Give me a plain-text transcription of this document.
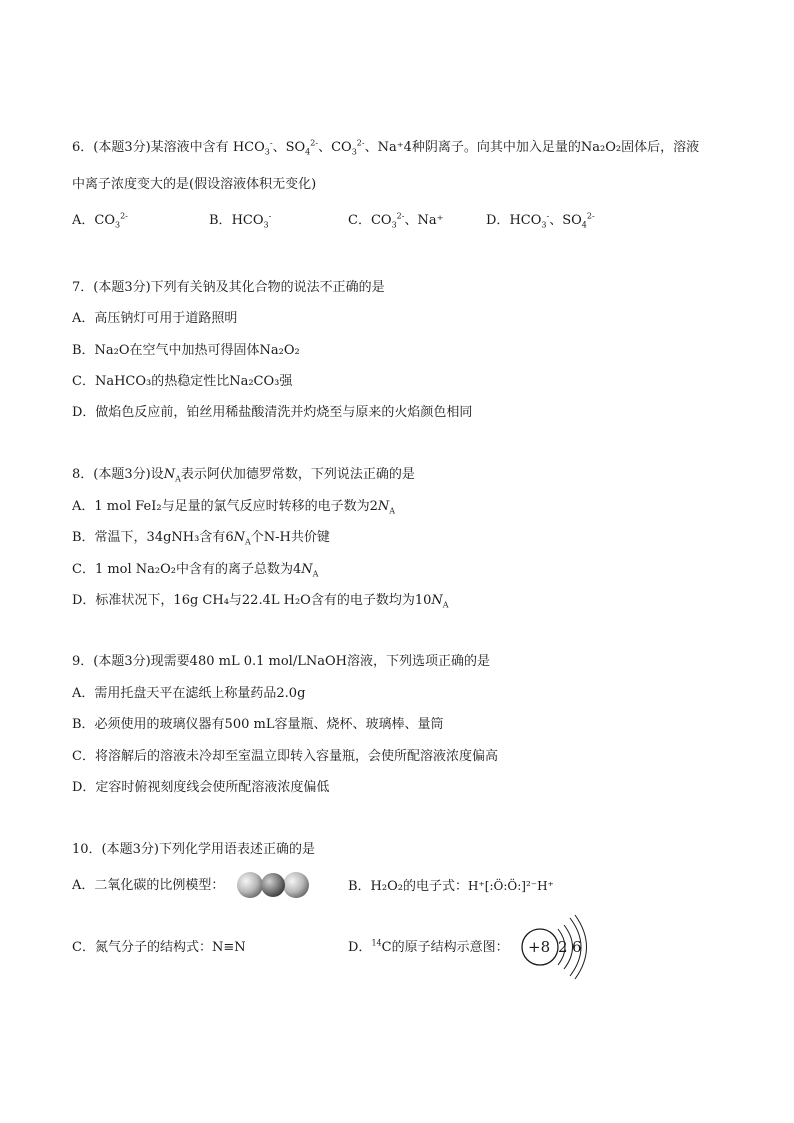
6．(本题3分)某溶液中含有 $HCO_3^-$、$SO_4^{2-}$、$CO_3^{2-}$、Na⁺4种阴离子。向其中加入足量的Na₂O₂固体后，溶液
中离子浓度变大的是(假设溶液体积无变化)
A．$CO_3^{2-}$	B．$HCO_3^-$	C．$CO_3^{2-}$、Na⁺	D．$HCO_3^-$、$SO_4^{2-}$
7．(本题3分)下列有关钠及其化合物的说法不正确的是
A．高压钠灯可用于道路照明
B．Na₂O在空气中加热可得固体Na₂O₂
C．NaHCO₃的热稳定性比Na₂CO₃强
D．做焰色反应前，铂丝用稀盐酸清洗并灼烧至与原来的火焰颜色相同
8．(本题3分)设$N_A$表示阿伏加德罗常数，下列说法正确的是
A．1 mol FeI₂与足量的氯气反应时转移的电子数为$2N_A$
B．常温下，34gNH₃含有$6N_A$个N-H共价键
C．1 mol Na₂O₂中含有的离子总数为$4N_A$
D．标准状况下，16g CH₄与22.4L H₂O含有的电子数均为$10N_A$
9．(本题3分)现需要480 mL 0.1 mol/LNaOH溶液，下列选项正确的是
A．需用托盘天平在滤纸上称量药品2.0g
B．必须使用的玻璃仪器有500 mL容量瓶、烧杯、玻璃棒、量筒
C．将溶解后的溶液未冷却至室温立即转入容量瓶，会使所配溶液浓度偏高
D．定容时俯视刻度线会使所配溶液浓度偏低
10．(本题3分)下列化学用语表述正确的是
A．二氧化碳的比例模型：	B．H₂O₂的电子式：H⁺[:Ö:Ö:]²⁻H⁺
C．氮气分子的结构式：N≡N	D．$^{14}$C的原子结构示意图： +8 2 6
